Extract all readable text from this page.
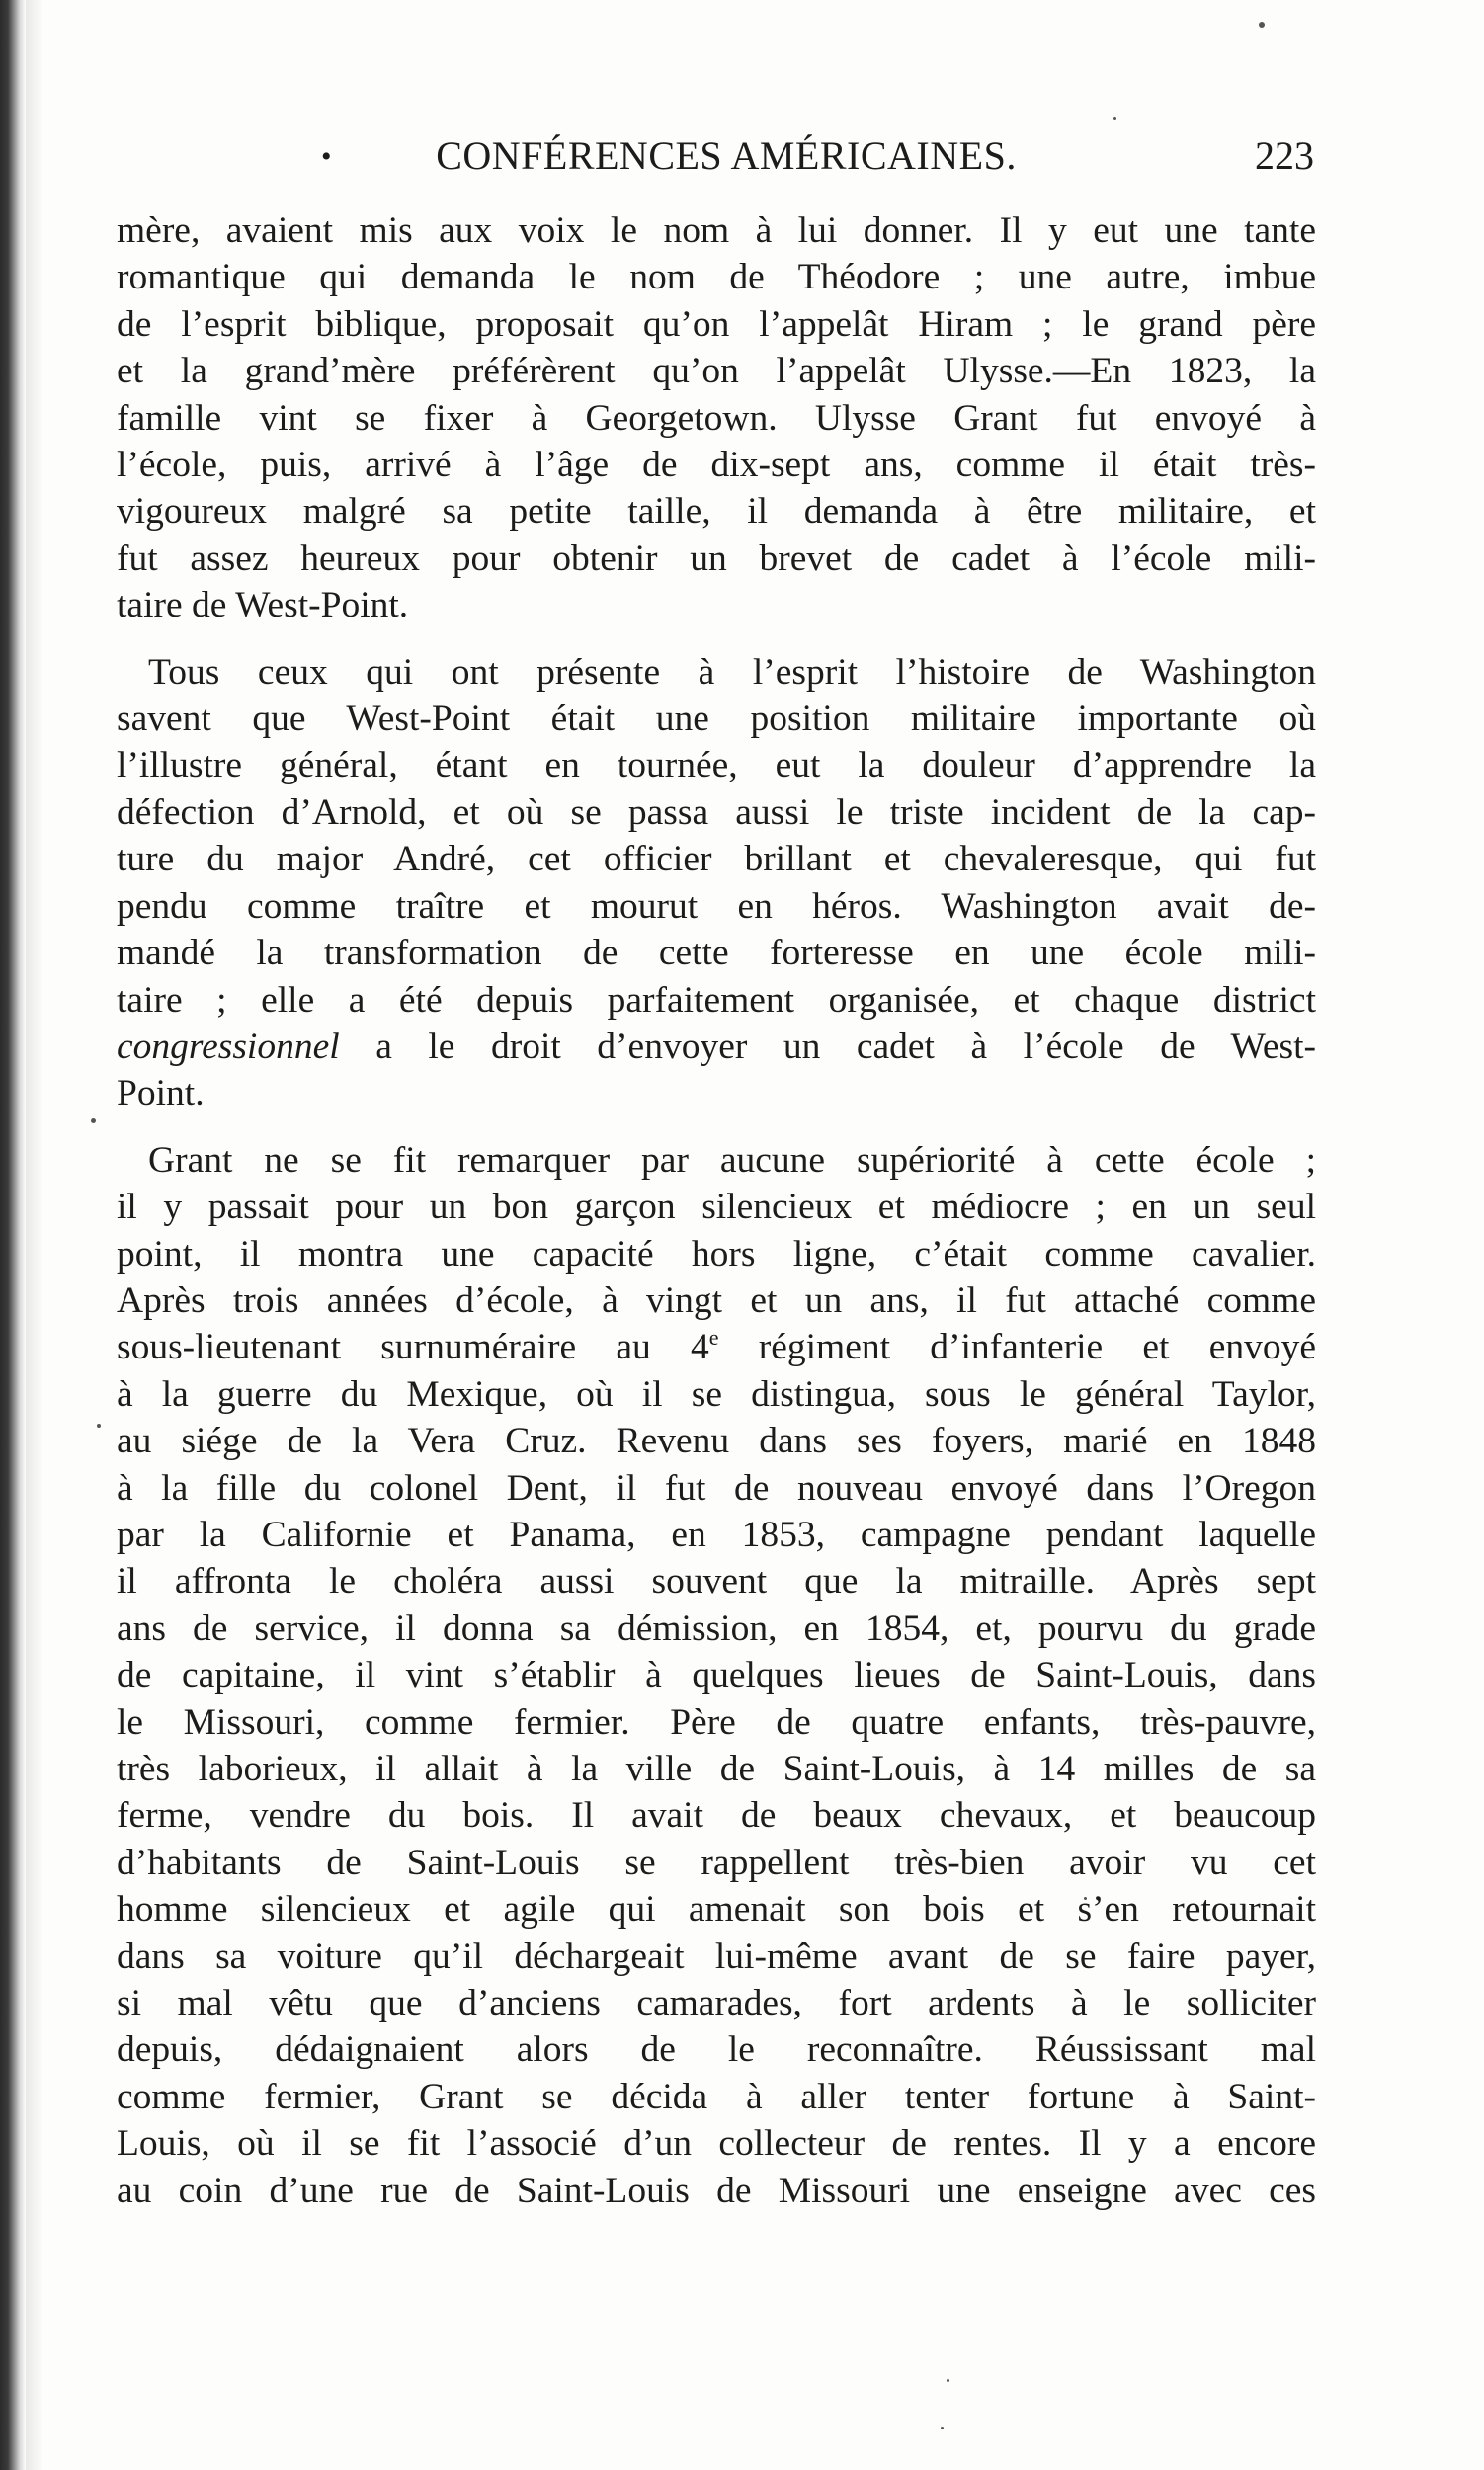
•	CONFÉRENCES AMÉRICAINES.	223

mère, avaient mis aux voix le nom à lui donner. Il y eut une tante
romantique qui demanda le nom de Théodore ; une autre, imbue
de l’esprit biblique, proposait qu’on l’appelât Hiram ; le grand père
et la grand’mère préférèrent qu’on l’appelât Ulysse.—En 1823, la
famille vint se fixer à Georgetown. Ulysse Grant fut envoyé à
l’école, puis, arrivé à l’âge de dix-sept ans, comme il était très-
vigoureux malgré sa petite taille, il demanda à être militaire, et
fut assez heureux pour obtenir un brevet de cadet à l’école mili-
taire de West-Point.

Tous ceux qui ont présente à l’esprit l’histoire de Washington
savent que West-Point était une position militaire importante où
l’illustre général, étant en tournée, eut la douleur d’apprendre la
défection d’Arnold, et où se passa aussi le triste incident de la cap-
ture du major André, cet officier brillant et chevaleresque, qui fut
pendu comme traître et mourut en héros. Washington avait de-
mandé la transformation de cette forteresse en une école mili-
taire ; elle a été depuis parfaitement organisée, et chaque district
congressionnel a le droit d’envoyer un cadet à l’école de West-
Point.

Grant ne se fit remarquer par aucune supériorité à cette école ;
il y passait pour un bon garçon silencieux et médiocre ; en un seul
point, il montra une capacité hors ligne, c’était comme cavalier.
Après trois années d’école, à vingt et un ans, il fut attaché comme
sous-lieutenant surnuméraire au 4e régiment d’infanterie et envoyé
à la guerre du Mexique, où il se distingua, sous le général Taylor,
au siége de la Vera Cruz. Revenu dans ses foyers, marié en 1848
à la fille du colonel Dent, il fut de nouveau envoyé dans l’Oregon
par la Californie et Panama, en 1853, campagne pendant laquelle
il affronta le choléra aussi souvent que la mitraille. Après sept
ans de service, il donna sa démission, en 1854, et, pourvu du grade
de capitaine, il vint s’établir à quelques lieues de Saint-Louis, dans
le Missouri, comme fermier. Père de quatre enfants, très-pauvre,
très laborieux, il allait à la ville de Saint-Louis, à 14 milles de sa
ferme, vendre du bois. Il avait de beaux chevaux, et beaucoup
d’habitants de Saint-Louis se rappellent très-bien avoir vu cet
homme silencieux et agile qui amenait son bois et s’en retournait
dans sa voiture qu’il déchargeait lui-même avant de se faire payer,
si mal vêtu que d’anciens camarades, fort ardents à le solliciter
depuis, dédaignaient alors de le reconnaître. Réussissant mal
comme fermier, Grant se décida à aller tenter fortune à Saint-
Louis, où il se fit l’associé d’un collecteur de rentes. Il y a encore
au coin d’une rue de Saint-Louis de Missouri une enseigne avec ces
